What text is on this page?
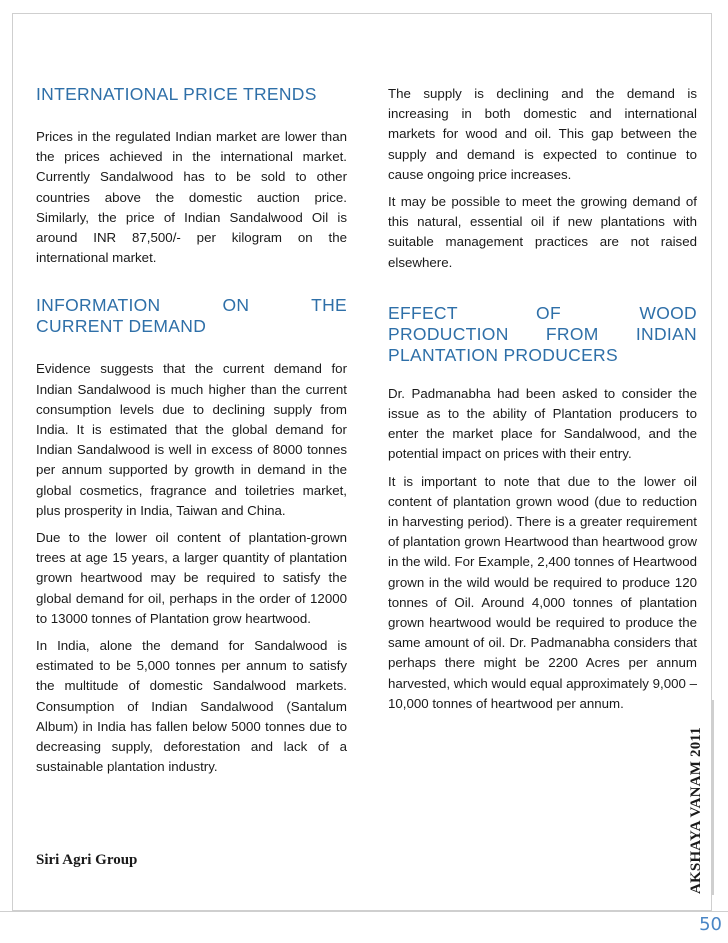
INTERNATIONAL PRICE TRENDS

Prices in the regulated Indian market are lower than the prices achieved in the international market. Currently Sandalwood has to be sold to other countries above the domestic auction price. Similarly, the price of Indian Sandalwood Oil is around INR 87,500/- per kilogram on the international market.

INFORMATION ON THE
CURRENT DEMAND

Evidence suggests that the current demand for Indian Sandalwood is much higher than the current consumption levels due to declining supply from India. It is estimated that the global demand for Indian Sandalwood is well in excess of 8000 tonnes per annum supported by growth in demand in the global cosmetics, fragrance and toiletries market, plus prosperity in India, Taiwan and China.

Due to the lower oil content of plantation-grown trees at age 15 years, a larger quantity of plantation grown heartwood may be required to satisfy the global demand for oil, perhaps in the order of 12000 to 13000 tonnes of Plantation grow heartwood.

In India, alone the demand for Sandalwood is estimated to be 5,000 tonnes per annum to satisfy the multitude of domestic Sandalwood markets. Consumption of Indian Sandalwood (Santalum Album) in India has fallen below 5000 tonnes due to decreasing supply, deforestation and lack of a sustainable plantation industry.

The supply is declining and the demand is increasing in both domestic and international markets for wood and oil. This gap between the supply and demand is expected to continue to cause ongoing price increases.

It may be possible to meet the growing demand of this natural, essential oil if new plantations with suitable management practices are not raised elsewhere.

EFFECT OF WOOD
PRODUCTION FROM INDIAN
PLANTATION PRODUCERS

Dr. Padmanabha had been asked to consider the issue as to the ability of Plantation producers to enter the market place for Sandalwood, and the potential impact on prices with their entry.

It is important to note that due to the lower oil content of plantation grown wood (due to reduction in harvesting period). There is a greater requirement of plantation grown Heartwood than heartwood grow in the wild. For Example, 2,400 tonnes of Heartwood grown in the wild would be required to produce 120 tonnes of Oil. Around 4,000 tonnes of plantation grown heartwood would be required to produce the same amount of oil. Dr. Padmanabha considers that perhaps there might be 2200 Acres per annum harvested, which would equal approximately 9,000 – 10,000 tonnes of heartwood per annum.

Siri Agri Group	AKSHAYA VANAM 2011
50
